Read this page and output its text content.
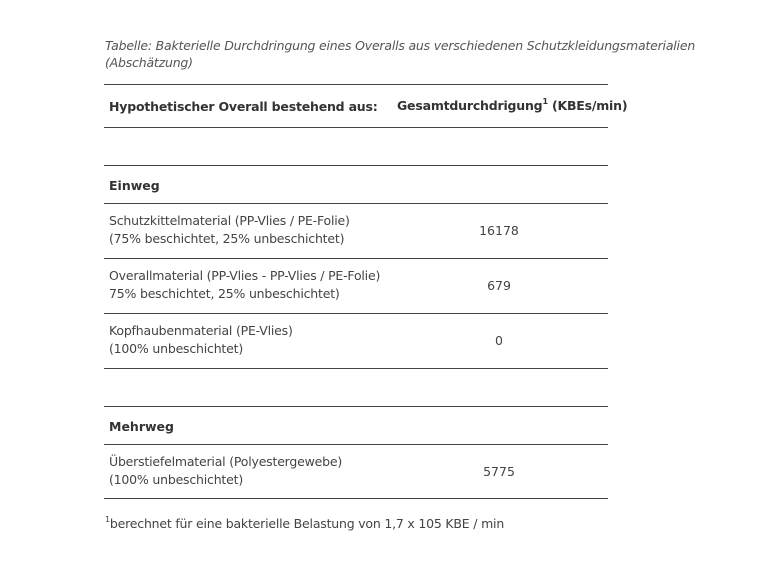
Tabelle: Bakterielle Durchdringung eines Overalls aus verschiedenen Schutzkleidungsmaterialien
(Abschätzung)
Hypothetischer Overall bestehend aus: Gesamtdurchdrigung$^1$ (KBEs/min)
Einweg
Schutzkittelmaterial (PP-Vlies / PE-Folie)
(75% beschichtet, 25% unbeschichtet)
16178
Overallmaterial (PP-Vlies - PP-Vlies / PE-Folie)
75% beschichtet, 25% unbeschichtet)
679
Kopfhaubenmaterial (PE-Vlies)
(100% unbeschichtet)
0
Mehrweg
Überstiefelmaterial (Polyestergewebe)
(100% unbeschichtet)
5775
$^1$berechnet für eine bakterielle Belastung von 1,7 x 105 KBE / min
